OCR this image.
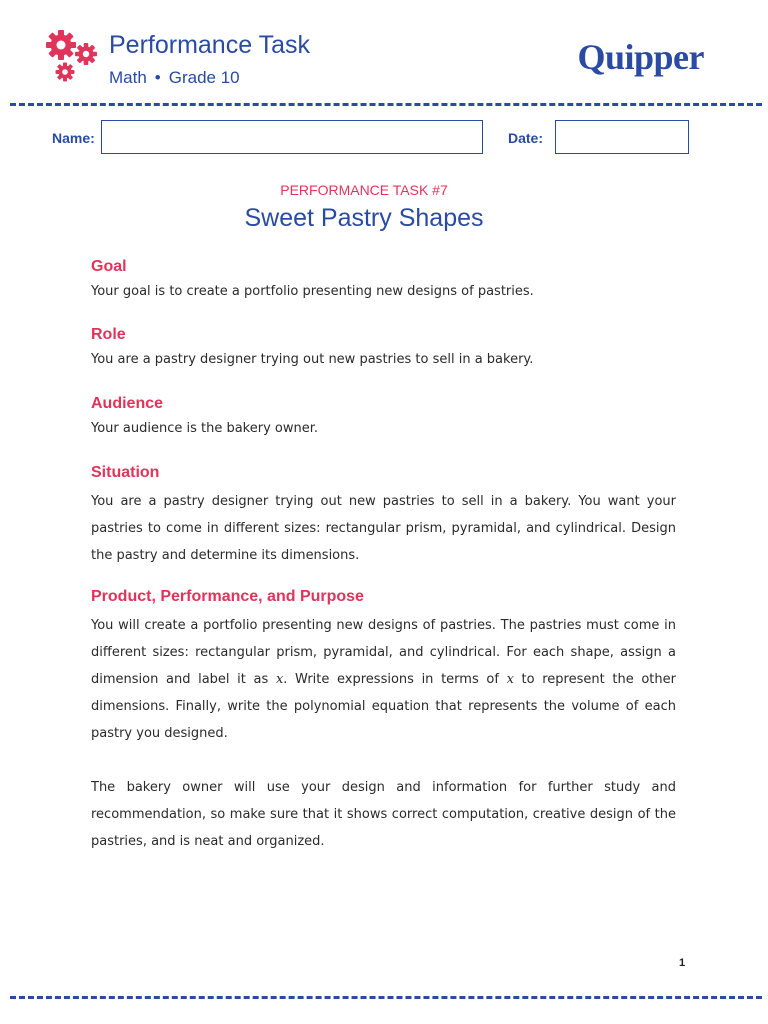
Performance Task
Math • Grade 10
Quipper
Name:	Date:
PERFORMANCE TASK #7
Sweet Pastry Shapes
Goal

Your goal is to create a portfolio presenting new designs of pastries.

Role

You are a pastry designer trying out new pastries to sell in a bakery.

Audience

Your audience is the bakery owner.

Situation

You are a pastry designer trying out new pastries to sell in a bakery. You want your pastries to come in different sizes: rectangular prism, pyramidal, and cylindrical. Design the pastry and determine its dimensions.

Product, Performance, and Purpose

You will create a portfolio presenting new designs of pastries. The pastries must come in different sizes: rectangular prism, pyramidal, and cylindrical. For each shape, assign a dimension and label it as x. Write expressions in terms of x to represent the other dimensions. Finally, write the polynomial equation that represents the volume of each pastry you designed.

The bakery owner will use your design and information for further study and recommendation, so make sure that it shows correct computation, creative design of the pastries, and is neat and organized.

1
